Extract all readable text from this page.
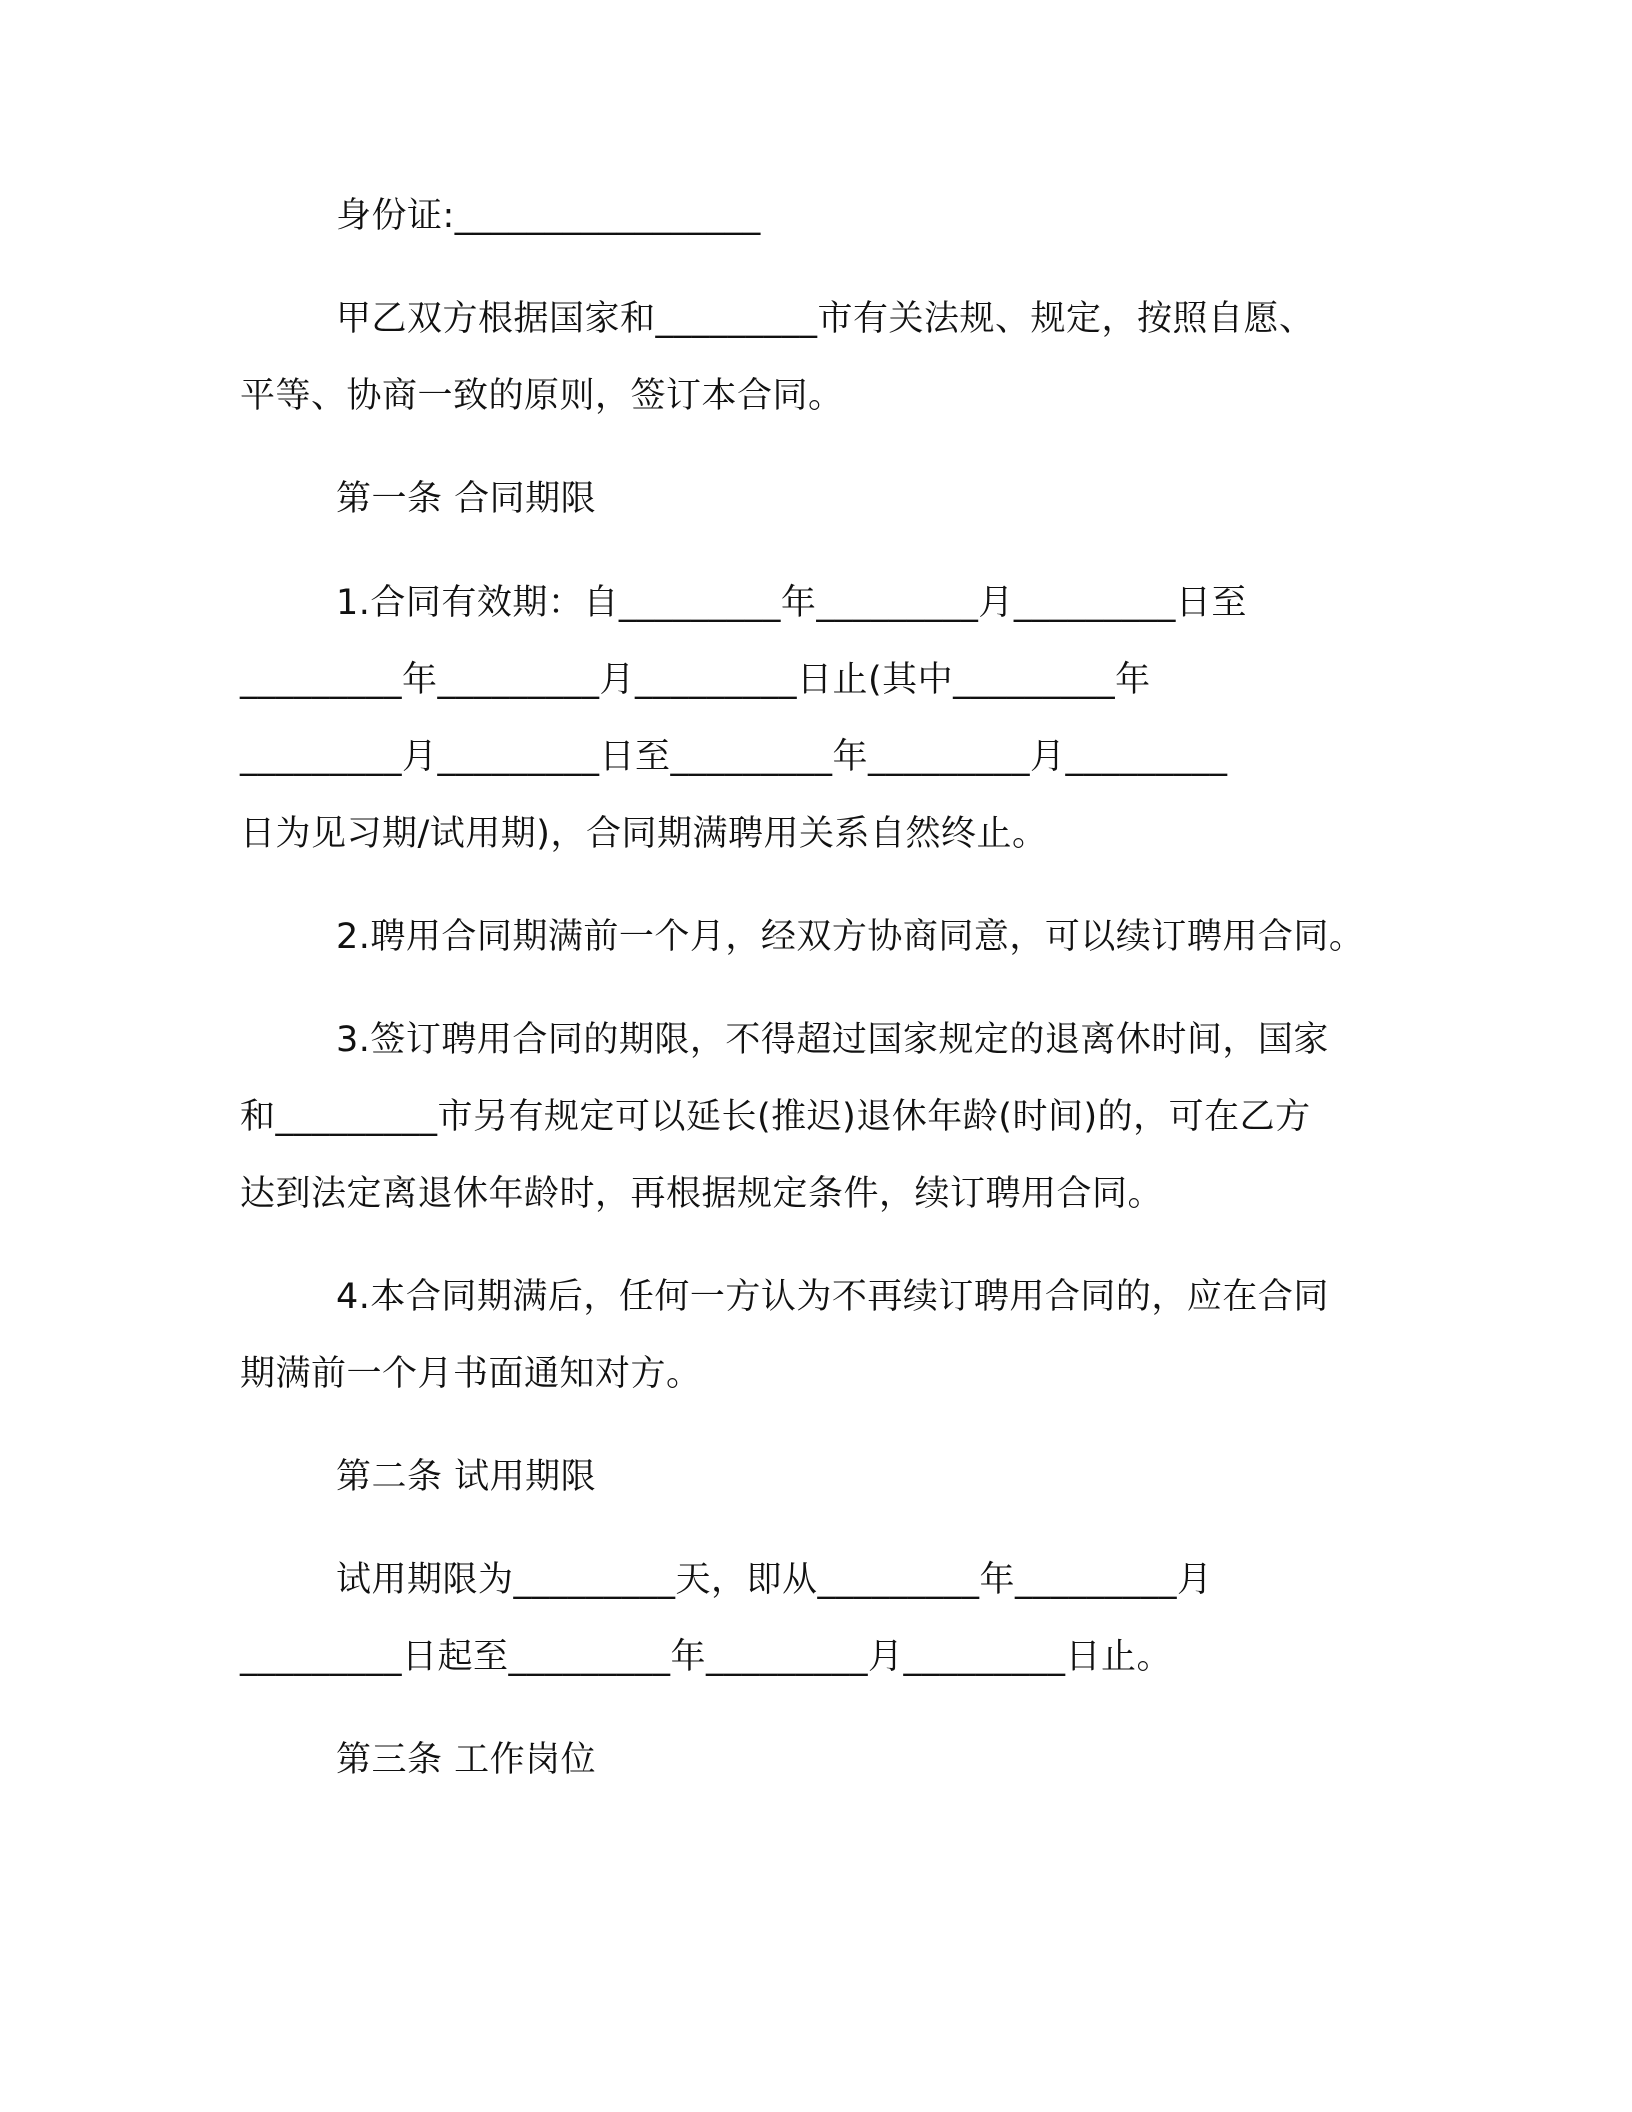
身份证:_________________
甲乙双方根据国家和_________市有关法规、规定，按照自愿、
平等、协商一致的原则，签订本合同。
第一条 合同期限
1.合同有效期：自_________年_________月_________日至
_________年_________月_________日止(其中_________年
_________月_________日至_________年_________月_________
日为见习期/试用期)，合同期满聘用关系自然终止。
2.聘用合同期满前一个月，经双方协商同意，可以续订聘用合同。
3.签订聘用合同的期限，不得超过国家规定的退离休时间，国家
和_________市另有规定可以延长(推迟)退休年龄(时间)的，可在乙方
达到法定离退休年龄时，再根据规定条件，续订聘用合同。
4.本合同期满后，任何一方认为不再续订聘用合同的，应在合同
期满前一个月书面通知对方。
第二条 试用期限
试用期限为_________天，即从_________年_________月
_________日起至_________年_________月_________日止。
第三条 工作岗位
